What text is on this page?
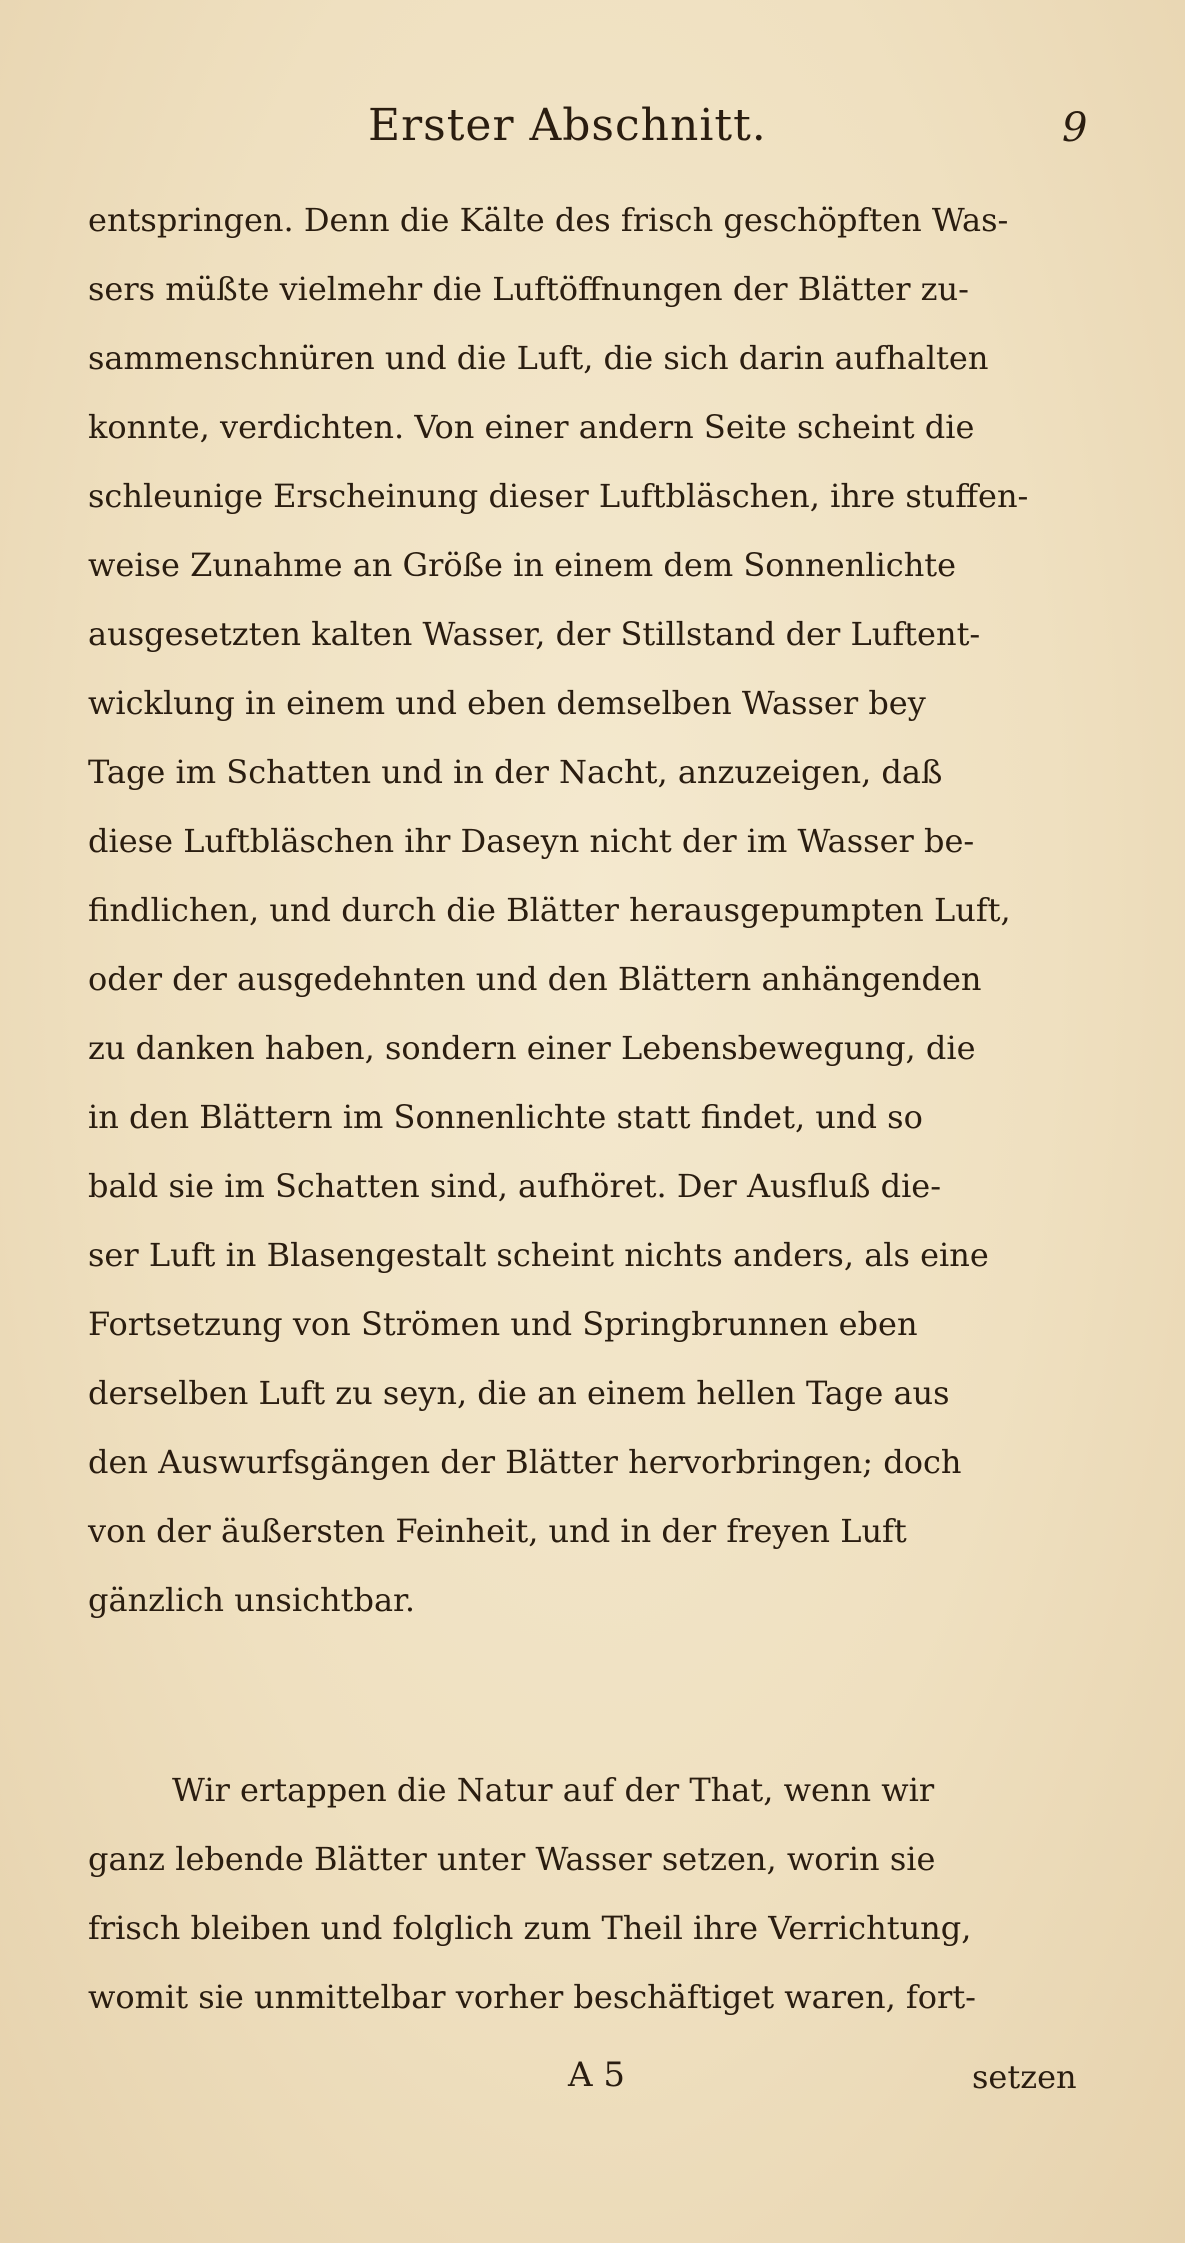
Erster Abschnitt.	9
entspringen. Denn die Kälte des frisch geschöpften Was-
sers müßte vielmehr die Luftöffnungen der Blätter zu-
sammenschnüren und die Luft, die sich darin aufhalten
konnte, verdichten. Von einer andern Seite scheint die
schleunige Erscheinung dieser Luftbläschen, ihre stuffen-
weise Zunahme an Größe in einem dem Sonnenlichte
ausgesetzten kalten Wasser, der Stillstand der Luftent-
wicklung in einem und eben demselben Wasser bey
Tage im Schatten und in der Nacht, anzuzeigen, daß
diese Luftbläschen ihr Daseyn nicht der im Wasser be-
findlichen, und durch die Blätter herausgepumpten Luft,
oder der ausgedehnten und den Blättern anhängenden
zu danken haben, sondern einer Lebensbewegung, die
in den Blättern im Sonnenlichte statt findet, und so
bald sie im Schatten sind, aufhöret. Der Ausfluß die-
ser Luft in Blasengestalt scheint nichts anders, als eine
Fortsetzung von Strömen und Springbrunnen eben
derselben Luft zu seyn, die an einem hellen Tage aus
den Auswurfsgängen der Blätter hervorbringen; doch
von der äußersten Feinheit, und in der freyen Luft
gänzlich unsichtbar.
Wir ertappen die Natur auf der That, wenn wir
ganz lebende Blätter unter Wasser setzen, worin sie
frisch bleiben und folglich zum Theil ihre Verrichtung,
womit sie unmittelbar vorher beschäftiget waren, fort-
A 5	setzen
